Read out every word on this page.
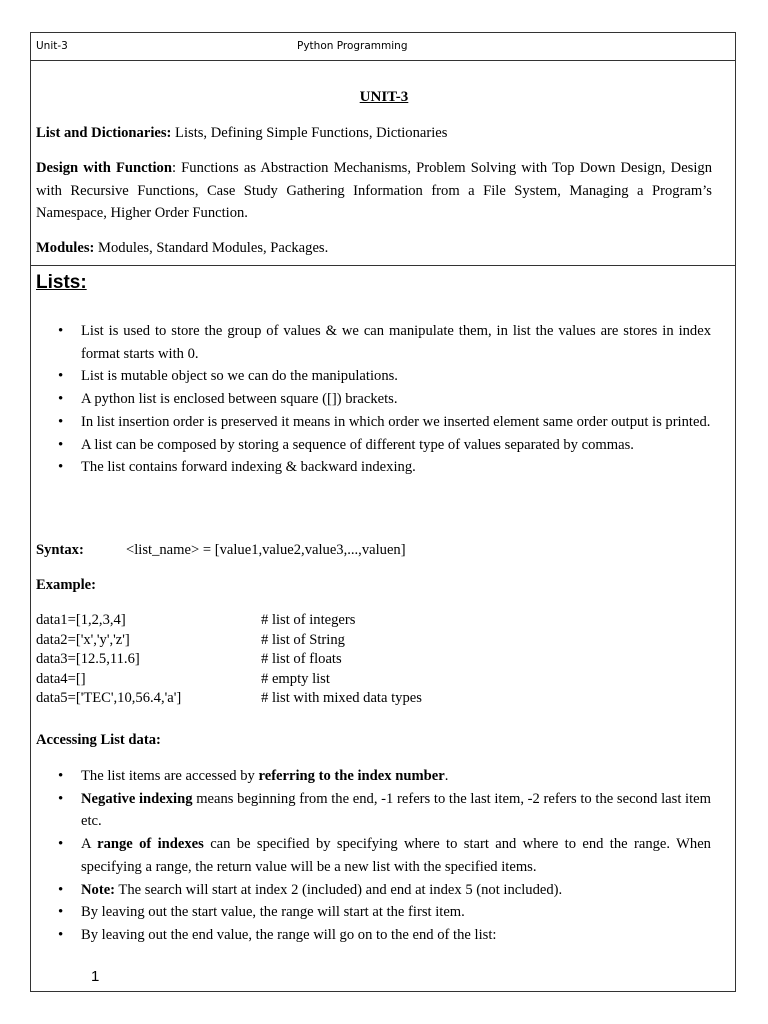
Unit-3	Python Programming
UNIT-3
List and Dictionaries: Lists, Defining Simple Functions, Dictionaries
Design with Function: Functions as Abstraction Mechanisms, Problem Solving with Top Down Design, Design with Recursive Functions, Case Study Gathering Information from a File System, Managing a Program’s Namespace, Higher Order Function.
Modules: Modules, Standard Modules, Packages.
Lists:
• List is used to store the group of values & we can manipulate them, in list the values are stores in index format starts with 0.
• List is mutable object so we can do the manipulations.
• A python list is enclosed between square ([]) brackets.
• In list insertion order is preserved it means in which order we inserted element same order output is printed.
• A list can be composed by storing a sequence of different type of values separated by commas.
• The list contains forward indexing & backward indexing.
Syntax:	<list_name> = [value1,value2,value3,...,valuen]
Example:
data1=[1,2,3,4]	# list of integers
data2=['x','y','z']	# list of String
data3=[12.5,11.6]	# list of floats
data4=[]	# empty list
data5=['TEC',10,56.4,'a']	# list with mixed data types
Accessing List data:
• The list items are accessed by referring to the index number.
• Negative indexing means beginning from the end, -1 refers to the last item, -2 refers to the second last item etc.
• A range of indexes can be specified by specifying where to start and where to end the range. When specifying a range, the return value will be a new list with the specified items.
• Note: The search will start at index 2 (included) and end at index 5 (not included).
• By leaving out the start value, the range will start at the first item.
• By leaving out the end value, the range will go on to the end of the list:
1
